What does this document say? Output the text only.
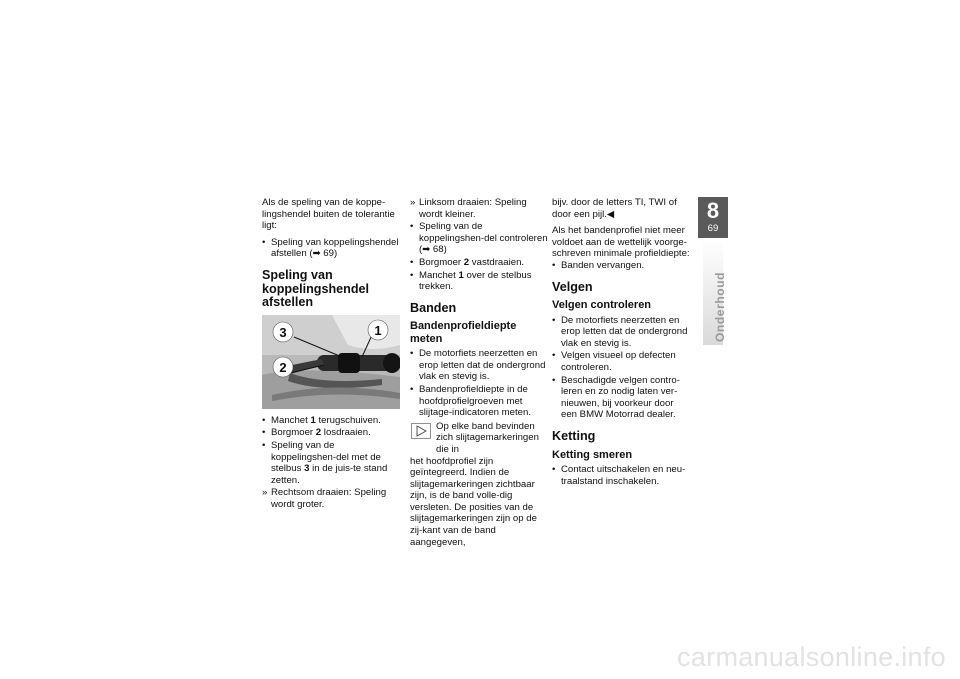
Als de speling van de koppe-lingshendel buiten de tolerantie ligt:

• Speling van koppelingshendel afstellen (➡ 69)
Speling van koppelingshendel afstellen
3	1
2
• Manchet 1 terugschuiven.
• Borgmoer 2 losdraaien.
• Speling van de koppelingshen-del met de stelbus 3 in de juis-te stand zetten.
» Rechtsom draaien: Speling wordt groter.
» Linksom draaien: Speling wordt kleiner.
• Speling van de koppelingshen-del controleren (➡ 68)
• Borgmoer 2 vastdraaien.
• Manchet 1 over de stelbus trekken.
Banden
Bandenprofieldiepte meten
• De motorfiets neerzetten en erop letten dat de ondergrond vlak en stevig is.
• Bandenprofieldiepte in de hoofdprofielgroeven met slijtage-indicatoren meten.
Op elke band bevinden zich slijtagemarkeringen die in
het hoofdprofiel zijn geïntegreerd. Indien de slijtagemarkeringen zichtbaar zijn, is de band volle-dig versleten. De posities van de slijtagemarkeringen zijn op de zij-kant van de band aangegeven,

bijv. door de letters TI, TWI of door een pijl.◀

Als het bandenprofiel niet meer voldoet aan de wettelijk voorge-schreven minimale profieldiepte:

• Banden vervangen.
Velgen
Velgen controleren
• De motorfiets neerzetten en erop letten dat de ondergrond vlak en stevig is.
• Velgen visueel op defecten controleren.
• Beschadigde velgen contro-leren en zo nodig laten ver-nieuwen, bij voorkeur door een BMW Motorrad dealer.
Ketting
Ketting smeren
• Contact uitschakelen en neu-traalstand inschakelen.
8
69
Onderhoud
carmanualsonline.info
